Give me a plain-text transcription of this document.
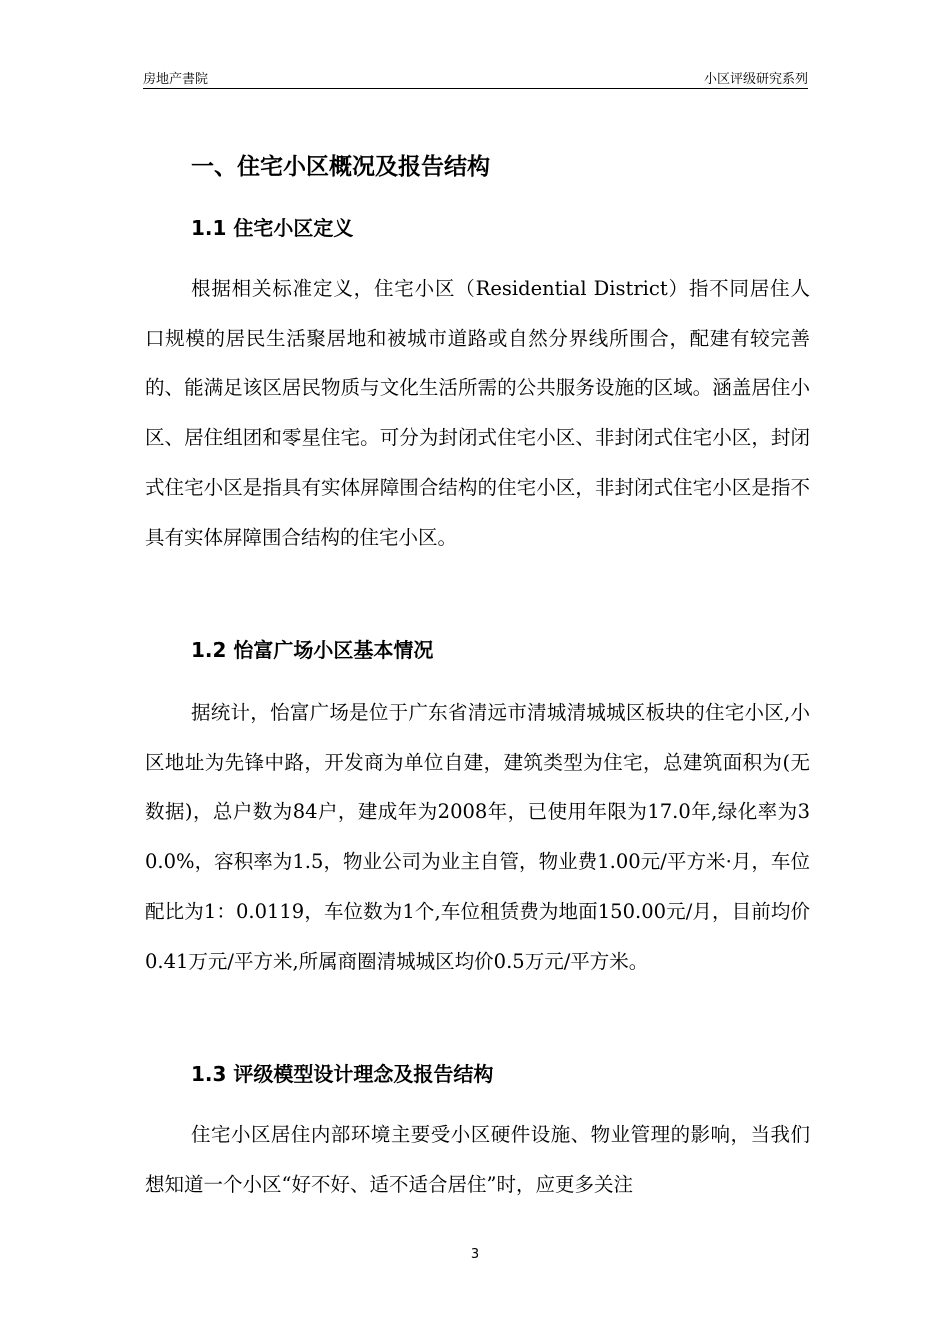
房地产書院	小区评级研究系列
一、住宅小区概况及报告结构
1.1 住宅小区定义
根据相关标准定义，住宅小区（Residential District）指不同居住人口规模的居民生活聚居地和被城市道路或自然分界线所围合，配建有较完善的、能满足该区居民物质与文化生活所需的公共服务设施的区域。涵盖居住小区、居住组团和零星住宅。可分为封闭式住宅小区、非封闭式住宅小区，封闭式住宅小区是指具有实体屏障围合结构的住宅小区，非封闭式住宅小区是指不具有实体屏障围合结构的住宅小区。
1.2 怡富广场小区基本情况
据统计，怡富广场是位于广东省清远市清城清城城区板块的住宅小区,小区地址为先锋中路，开发商为单位自建，建筑类型为住宅，总建筑面积为(无数据)，总户数为84户，建成年为2008年，已使用年限为17.0年,绿化率为30.0%，容积率为1.5，物业公司为业主自管，物业费1.00元/平方米·月，车位配比为1：0.0119，车位数为1个,车位租赁费为地面150.00元/月，目前均价0.41万元/平方米,所属商圈清城城区均价0.5万元/平方米。
1.3 评级模型设计理念及报告结构
住宅小区居住内部环境主要受小区硬件设施、物业管理的影响，当我们想知道一个小区“好不好、适不适合居住”时，应更多关注
3
